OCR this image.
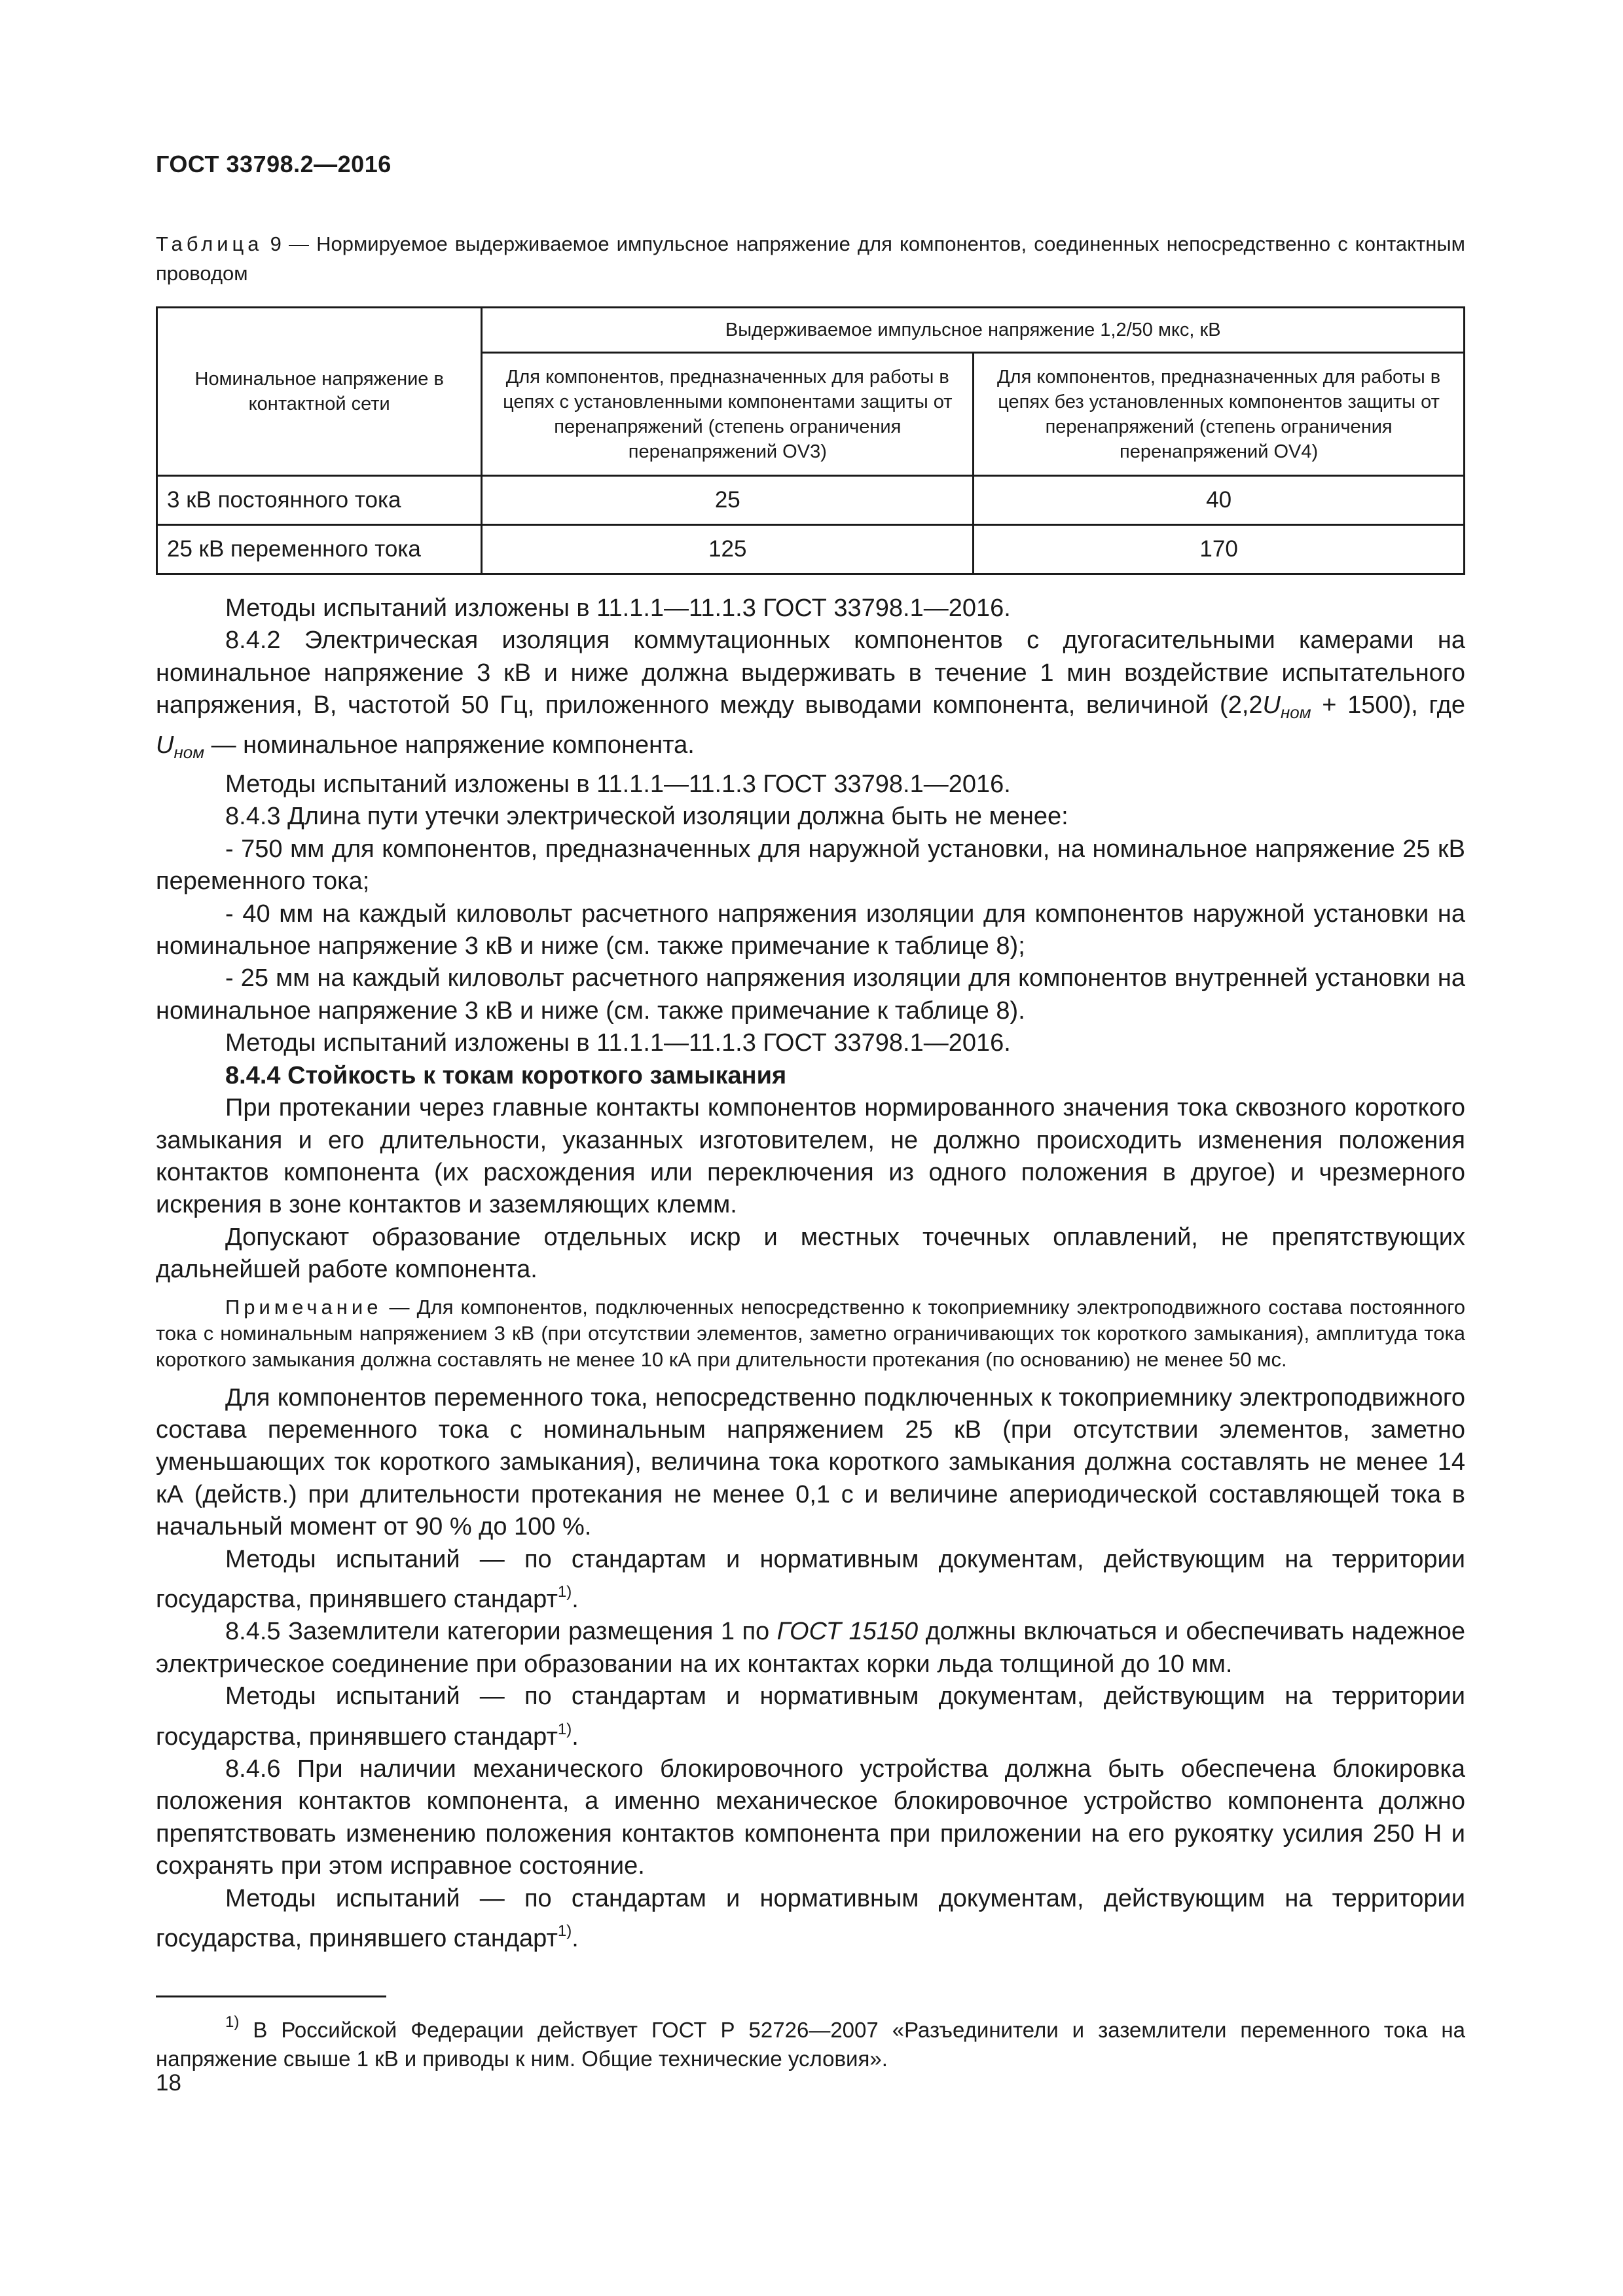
ГОСТ 33798.2—2016
Таблица 9 — Нормируемое выдерживаемое импульсное напряжение для компонентов, соединенных непосредственно с контактным проводом
Номинальное напряжение в контактной сети	Выдерживаемое импульсное напряжение 1,2/50 мкс, кВ	
	Для компонентов, предназначенных для работы в цепях с установленными компонентами защиты от перенапряжений (степень ограничения перенапряжений OV3)	Для компонентов, предназначенных для работы в цепях без установленных компонентов защиты от перенапряжений (степень ограничения перенапряжений OV4)
3 кВ постоянного тока	25	40
25 кВ переменного тока	125	170

Методы испытаний изложены в 11.1.1—11.1.3 ГОСТ 33798.1—2016.

8.4.2 Электрическая изоляция коммутационных компонентов с дугогасительными камерами на номинальное напряжение 3 кВ и ниже должна выдерживать в течение 1 мин воздействие испытательного напряжения, В, частотой 50 Гц, приложенного между выводами компонента, величиной $(2,2U_{ном} + 1500)$, где $U_{ном}$ — номинальное напряжение компонента.

Методы испытаний изложены в 11.1.1—11.1.3 ГОСТ 33798.1—2016.

8.4.3 Длина пути утечки электрической изоляции должна быть не менее:

- 750 мм для компонентов, предназначенных для наружной установки, на номинальное напряжение 25 кВ переменного тока;

- 40 мм на каждый киловольт расчетного напряжения изоляции для компонентов наружной установки на номинальное напряжение 3 кВ и ниже (см. также примечание к таблице 8);

- 25 мм на каждый киловольт расчетного напряжения изоляции для компонентов внутренней установки на номинальное напряжение 3 кВ и ниже (см. также примечание к таблице 8).

Методы испытаний изложены в 11.1.1—11.1.3 ГОСТ 33798.1—2016.

8.4.4 Стойкость к токам короткого замыкания

При протекании через главные контакты компонентов нормированного значения тока сквозного короткого замыкания и его длительности, указанных изготовителем, не должно происходить изменения положения контактов компонента (их расхождения или переключения из одного положения в другое) и чрезмерного искрения в зоне контактов и заземляющих клемм.

Допускают образование отдельных искр и местных точечных оплавлений, не препятствующих дальнейшей работе компонента.

Примечание — Для компонентов, подключенных непосредственно к токоприемнику электроподвижного состава постоянного тока с номинальным напряжением 3 кВ (при отсутствии элементов, заметно ограничивающих ток короткого замыкания), амплитуда тока короткого замыкания должна составлять не менее 10 кА при длительности протекания (по основанию) не менее 50 мс.

Для компонентов переменного тока, непосредственно подключенных к токоприемнику электроподвижного состава переменного тока с номинальным напряжением 25 кВ (при отсутствии элементов, заметно уменьшающих ток короткого замыкания), величина тока короткого замыкания должна составлять не менее 14 кА (действ.) при длительности протекания не менее 0,1 с и величине апериодической составляющей тока в начальный момент от 90 % до 100 %.

Методы испытаний — по стандартам и нормативным документам, действующим на территории государства, принявшего стандарт$^{1)}$.

8.4.5 Заземлители категории размещения 1 по ГОСТ 15150 должны включаться и обеспечивать надежное электрическое соединение при образовании на их контактах корки льда толщиной до 10 мм.

Методы испытаний — по стандартам и нормативным документам, действующим на территории государства, принявшего стандарт$^{1)}$.

8.4.6 При наличии механического блокировочного устройства должна быть обеспечена блокировка положения контактов компонента, а именно механическое блокировочное устройство компонента должно препятствовать изменению положения контактов компонента при приложении на его рукоятку усилия 250 Н и сохранять при этом исправное состояние.

Методы испытаний — по стандартам и нормативным документам, действующим на территории государства, принявшего стандарт$^{1)}$.

$^{1)}$ В Российской Федерации действует ГОСТ Р 52726—2007 «Разъединители и заземлители переменного тока на напряжение свыше 1 кВ и приводы к ним. Общие технические условия».
18
